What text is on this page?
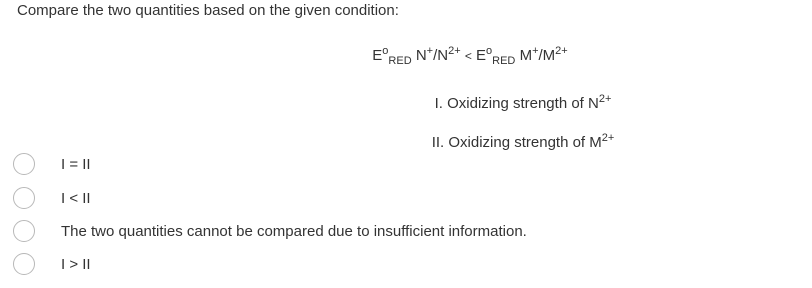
Compare the two quantities based on the given condition:
$E^o_{RED}$ $N^+/N^{2+} < E^o_{RED}$ $M^+/M^{2+}$
I. Oxidizing strength of $N^{2+}$
II. Oxidizing strength of $M^{2+}$
I = II
I < II
The two quantities cannot be compared due to insufficient information.
I > II
